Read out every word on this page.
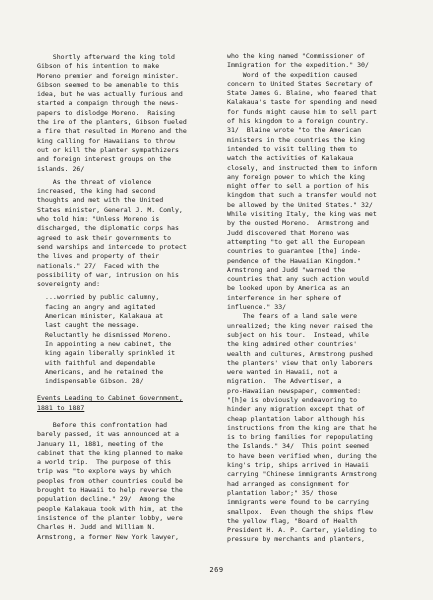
Shortly afterward the king told

Gibson of his intention to make

Moreno premier and foreign minister.

Gibson seemed to be amenable to this

idea, but he was actually furious and

started a compaign through the news-

papers to dislodge Moreno.  Raising

the ire of the planters, Gibson fueled

a fire that resulted in Moreno and the

king calling for Hawaiians to throw

out or kill the planter sympathizers

and foreign interest groups on the

islands. 26/

As the threat of violence

increased, the king had second

thoughts and met with the United

States minister, General J. M. Comly,

who told him: "Unless Moreno is

discharged, the diplomatic corps has

agreed to ask their governments to

send warships and intercede to protect

the lives and property of their

nationals." 27/  Faced with the

possibility of war, intrusion on his

sovereignty and:

...worried by public calumny,

facing an angry and agitated

American minister, Kalakaua at

last caught the message.

Reluctantly he dismissed Moreno.

In appointing a new cabinet, the

king again liberally sprinkled it

with faithful and dependable

Americans, and he retained the

indispensable Gibson. 28/

Events Leading to Cabinet Government,

1881 to 1887

Before this confrontation had

barely passed, it was announced at a

January 11, 1881, meeting of the

cabinet that the king planned to make

a world trip.  The purpose of this

trip was "to explore ways by which

peoples from other countries could be

brought to Hawaii to help reverse the

population decline." 29/  Among the

people Kalakaua took with him, at the

insistence of the planter lobby, were

Charles H. Judd and William N.

Armstrong, a former New York lawyer,

who the king named "Commissioner of

Immigration for the expedition." 30/

Word of the expedition caused

concern to United States Secretary of

State James G. Blaine, who feared that

Kalakaua's taste for spending and need

for funds might cause him to sell part

of his kingdom to a foreign country.

31/  Blaine wrote "to the American

ministers in the countries the king

intended to visit telling them to

watch the activities of Kalakaua

closely, and instructed them to inform

any foreign power to which the king

might offer to sell a portion of his

kingdom that such a transfer would not

be allowed by the United States." 32/

While visiting Italy, the king was met

by the ousted Moreno.  Armstrong and

Judd discovered that Moreno was

attempting "to get all the European

countries to guarantee [the] inde-

pendence of the Hawaiian Kingdom."

Armstrong and Judd "warned the

countries that any such action would

be looked upon by America as an

interference in her sphere of

influence." 33/

The fears of a land sale were

unrealized; the king never raised the

subject on his tour.  Instead, while

the king admired other countries'

wealth and cultures, Armstrong pushed

the planters' view that only laborers

were wanted in Hawaii, not a

migration.  The Advertiser, a

pro-Hawaiian newspaper, commented:

"[h]e is obviously endeavoring to

hinder any migration except that of

cheap plantation labor although his

instructions from the king are that he

is to bring families for repopulating

the Islands." 34/  This point seemed

to have been verified when, during the

king's trip, ships arrived in Hawaii

carrying "Chinese immigrants Armstrong

had arranged as consignment for

plantation labor;" 35/ those

immigrants were found to be carrying

smallpox.  Even though the ships flew

the yellow flag, "Board of Health

President H. A. P. Carter, yielding to

pressure by merchants and planters,

269
